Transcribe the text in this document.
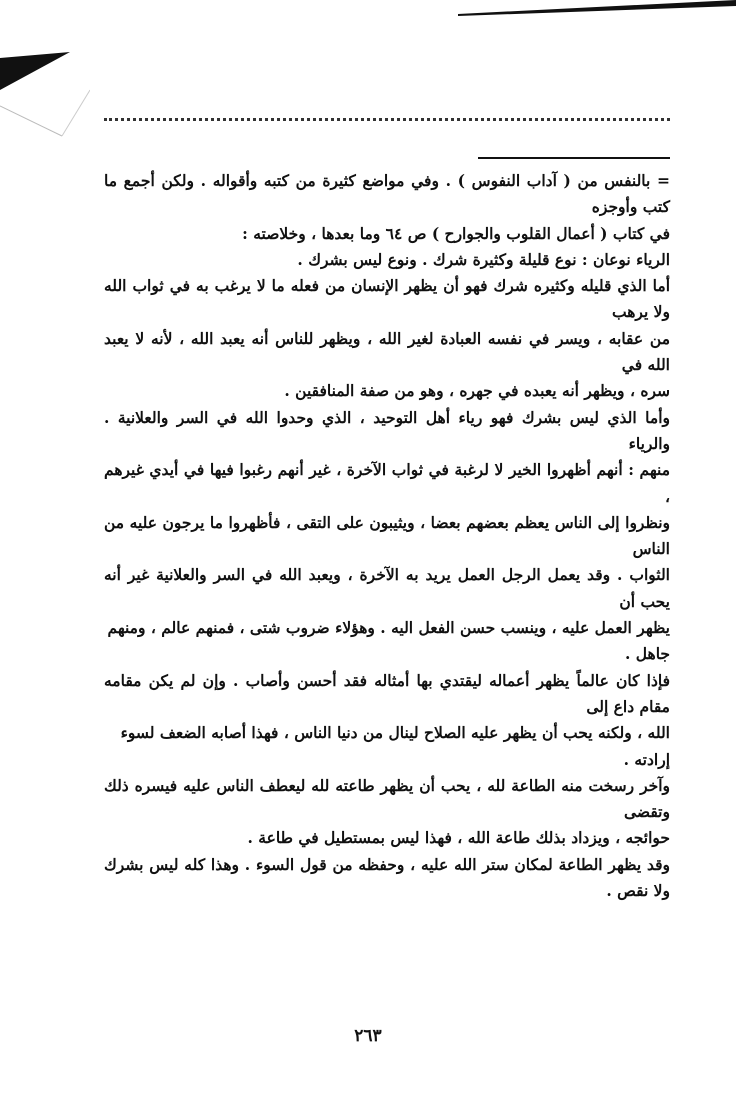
= بالنفس من ( آداب النفوس ) . وفي مواضع كثيرة من كتبه وأقواله . ولكن أجمع ما كتب وأوجزه

في كتاب ( أعمال القلوب والجوارح ) ص ٦٤ وما بعدها ، وخلاصته :

الرياء نوعان : نوع قليلة وكثيرة شرك . ونوع ليس بشرك .

أما الذي قليله وكثيره شرك فهو أن يظهر الإنسان من فعله ما لا يرغب به في ثواب الله ولا يرهب

من عقابه ، ويسر في نفسه العبادة لغير الله ، ويظهر للناس أنه يعبد الله ، لأنه لا يعبد الله في

سره ، ويظهر أنه يعبده في جهره ، وهو من صفة المنافقين .

وأما الذي ليس بشرك فهو رياء أهل التوحيد ، الذي وحدوا الله في السر والعلانية . والرياء

منهم : أنهم أظهروا الخير لا لرغبة في ثواب الآخرة ، غير أنهم رغبوا فيها في أيدي غيرهم ،

ونظروا إلى الناس يعظم بعضهم بعضا ، ويثيبون على التقى ، فأظهروا ما يرجون عليه من الناس

الثواب . وقد يعمل الرجل العمل يريد به الآخرة ، ويعبد الله في السر والعلانية غير أنه يحب أن

يظهر العمل عليه ، وينسب حسن الفعل اليه . وهؤلاء ضروب شتى ، فمنهم عالم ، ومنهم

جاهل .

فإذا كان عالماً يظهر أعماله ليقتدي بها أمثاله فقد أحسن وأصاب . وإن لم يكن مقامه مقام داع إلى

الله ، ولكنه يحب أن يظهر عليه الصلاح لينال من دنيا الناس ، فهذا أصابه الضعف لسوء

إرادته .

وآخر رسخت منه الطاعة لله ، يحب أن يظهر طاعته لله ليعطف الناس عليه فيسره ذلك وتقضى

حوائجه ، ويزداد بذلك طاعة الله ، فهذا ليس بمستطيل في طاعة .

وقد يظهر الطاعة لمكان ستر الله عليه ، وحفظه من قول السوء . وهذا كله ليس بشرك ولا نقص .

٢٦٣
